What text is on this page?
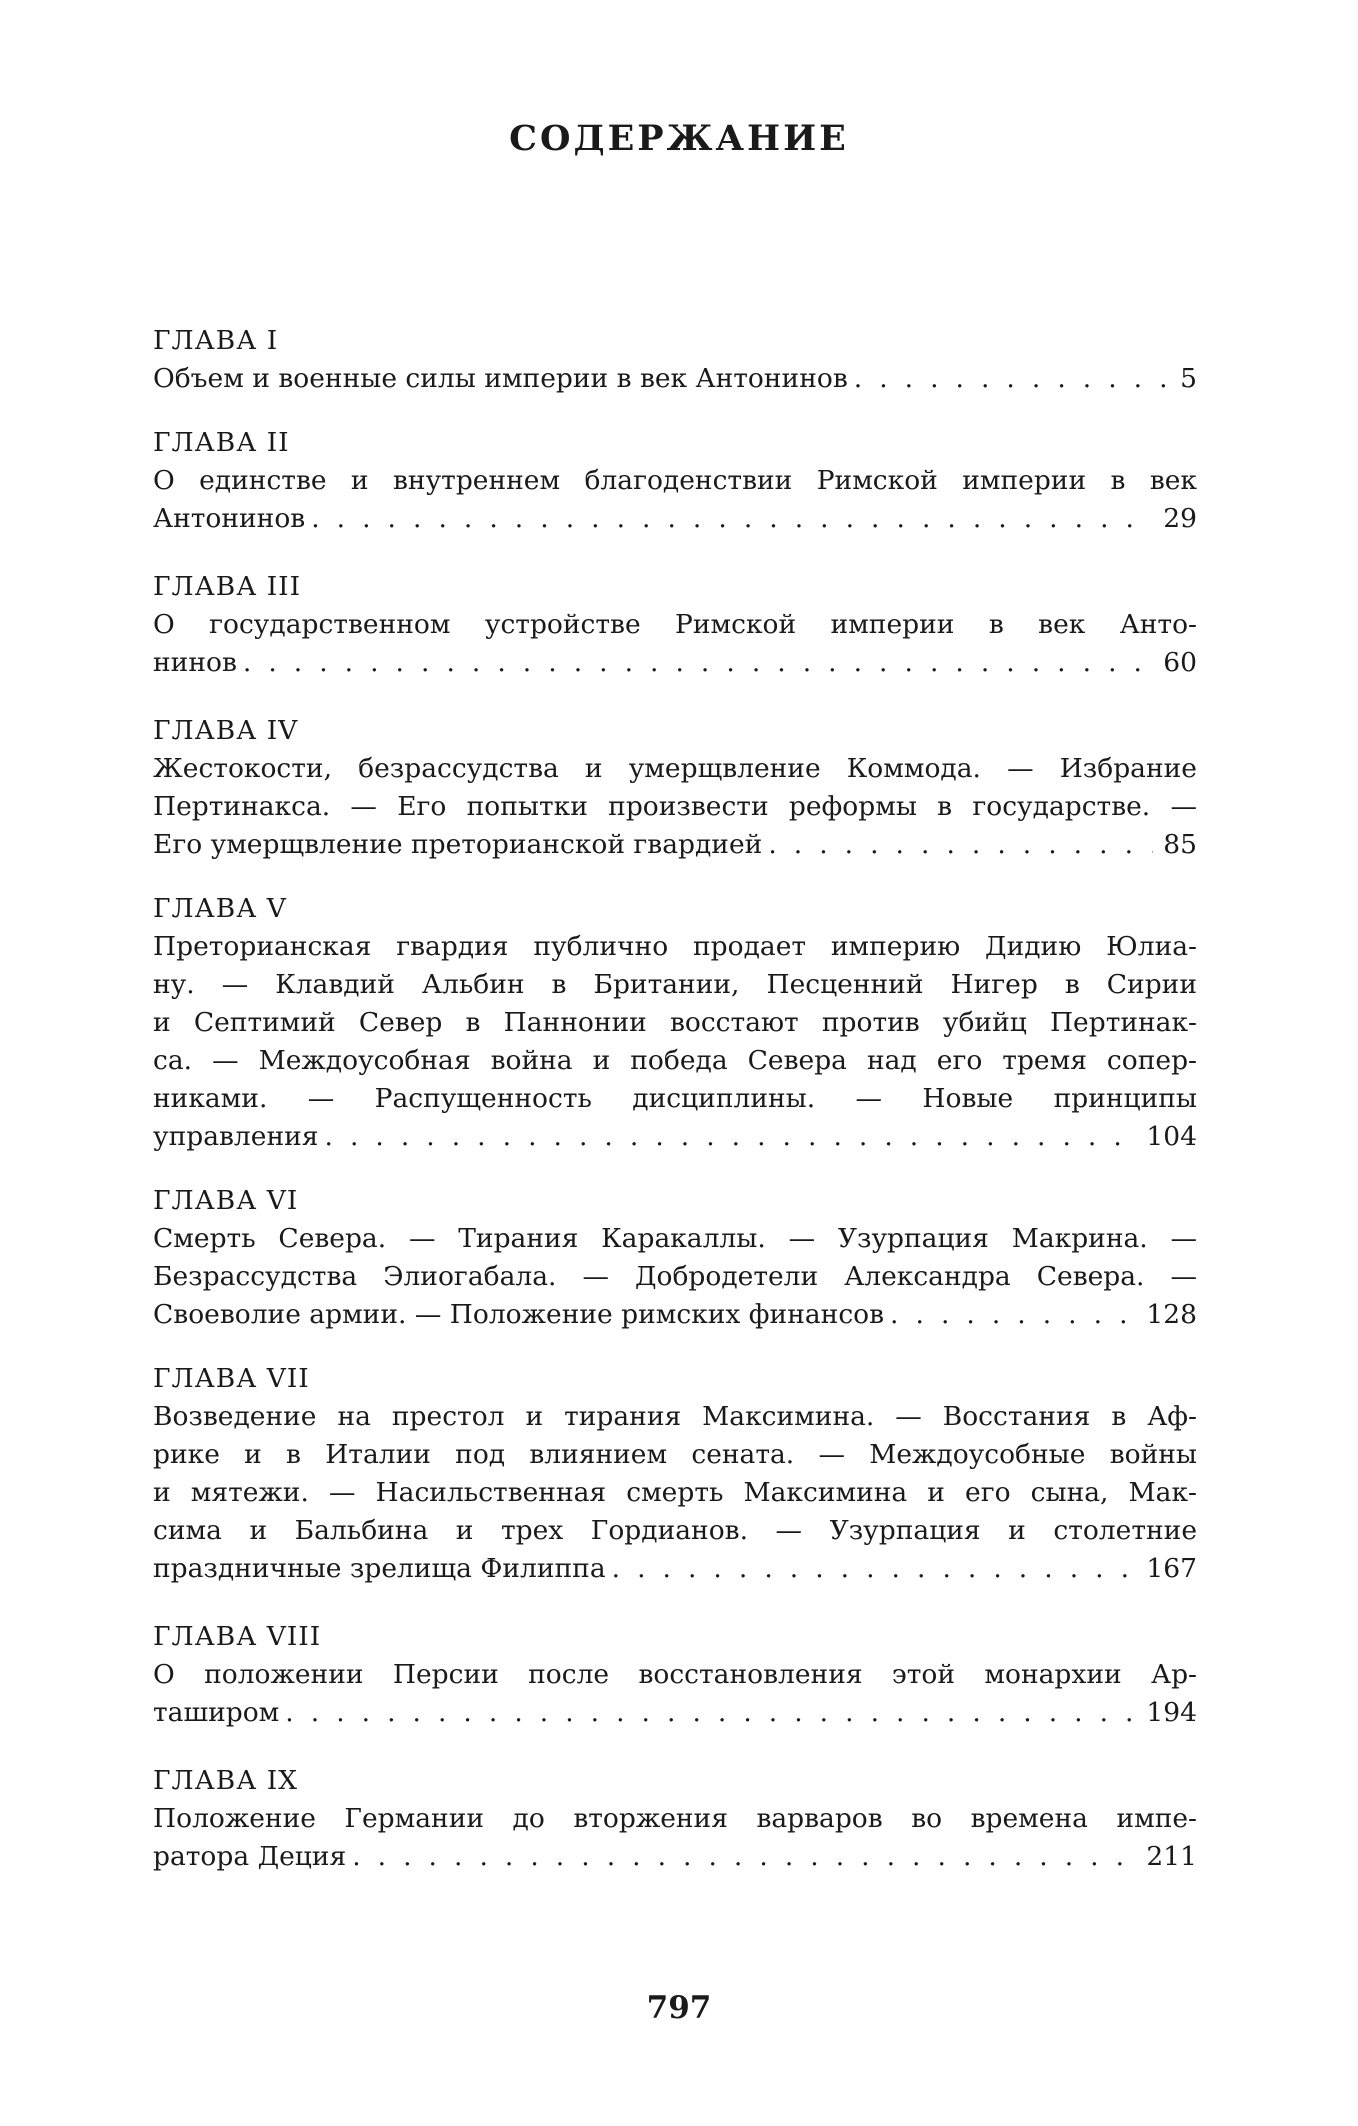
СОДЕРЖАНИЕ
ГЛАВА I
Объем и военные силы империи в век Антонинов . . .	5
ГЛАВА II
О единстве и внутреннем благоденствии Римской империи в век
Антонинов . . .	29
ГЛАВА III
О государственном устройстве Римской империи в век Анто-
нинов . . .	60
ГЛАВА IV
Жестокости, безрассудства и умерщвление Коммода. — Избрание
Пертинакса. — Его попытки произвести реформы в государстве. —
Его умерщвление преторианской гвардией . . .	85
ГЛАВА V
Преторианская гвардия публично продает империю Дидию Юлиа-
ну. — Клавдий Альбин в Британии, Песценний Нигер в Сирии
и Септимий Север в Паннонии восстают против убийц Пертинак-
са. — Междоусобная война и победа Севера над его тремя сопер-
никами. — Распущенность дисциплины. — Новые принципы
управления . . .	104
ГЛАВА VI
Смерть Севера. — Тирания Каракаллы. — Узурпация Макрина. —
Безрассудства Элиогабала. — Добродетели Александра Севера. —
Своеволие армии. — Положение римских финансов . . .	128
ГЛАВА VII
Возведение на престол и тирания Максимина. — Восстания в Аф-
рике и в Италии под влиянием сената. — Междоусобные войны
и мятежи. — Насильственная смерть Максимина и его сына, Мак-
сима и Бальбина и трех Гордианов. — Узурпация и столетние
праздничные зрелища Филиппа . . .	167
ГЛАВА VIII
О положении Персии после восстановления этой монархии Ар-
таширом . . .	194
ГЛАВА IX
Положение Германии до вторжения варваров во времена импе-
ратора Деция . . .	211
797
